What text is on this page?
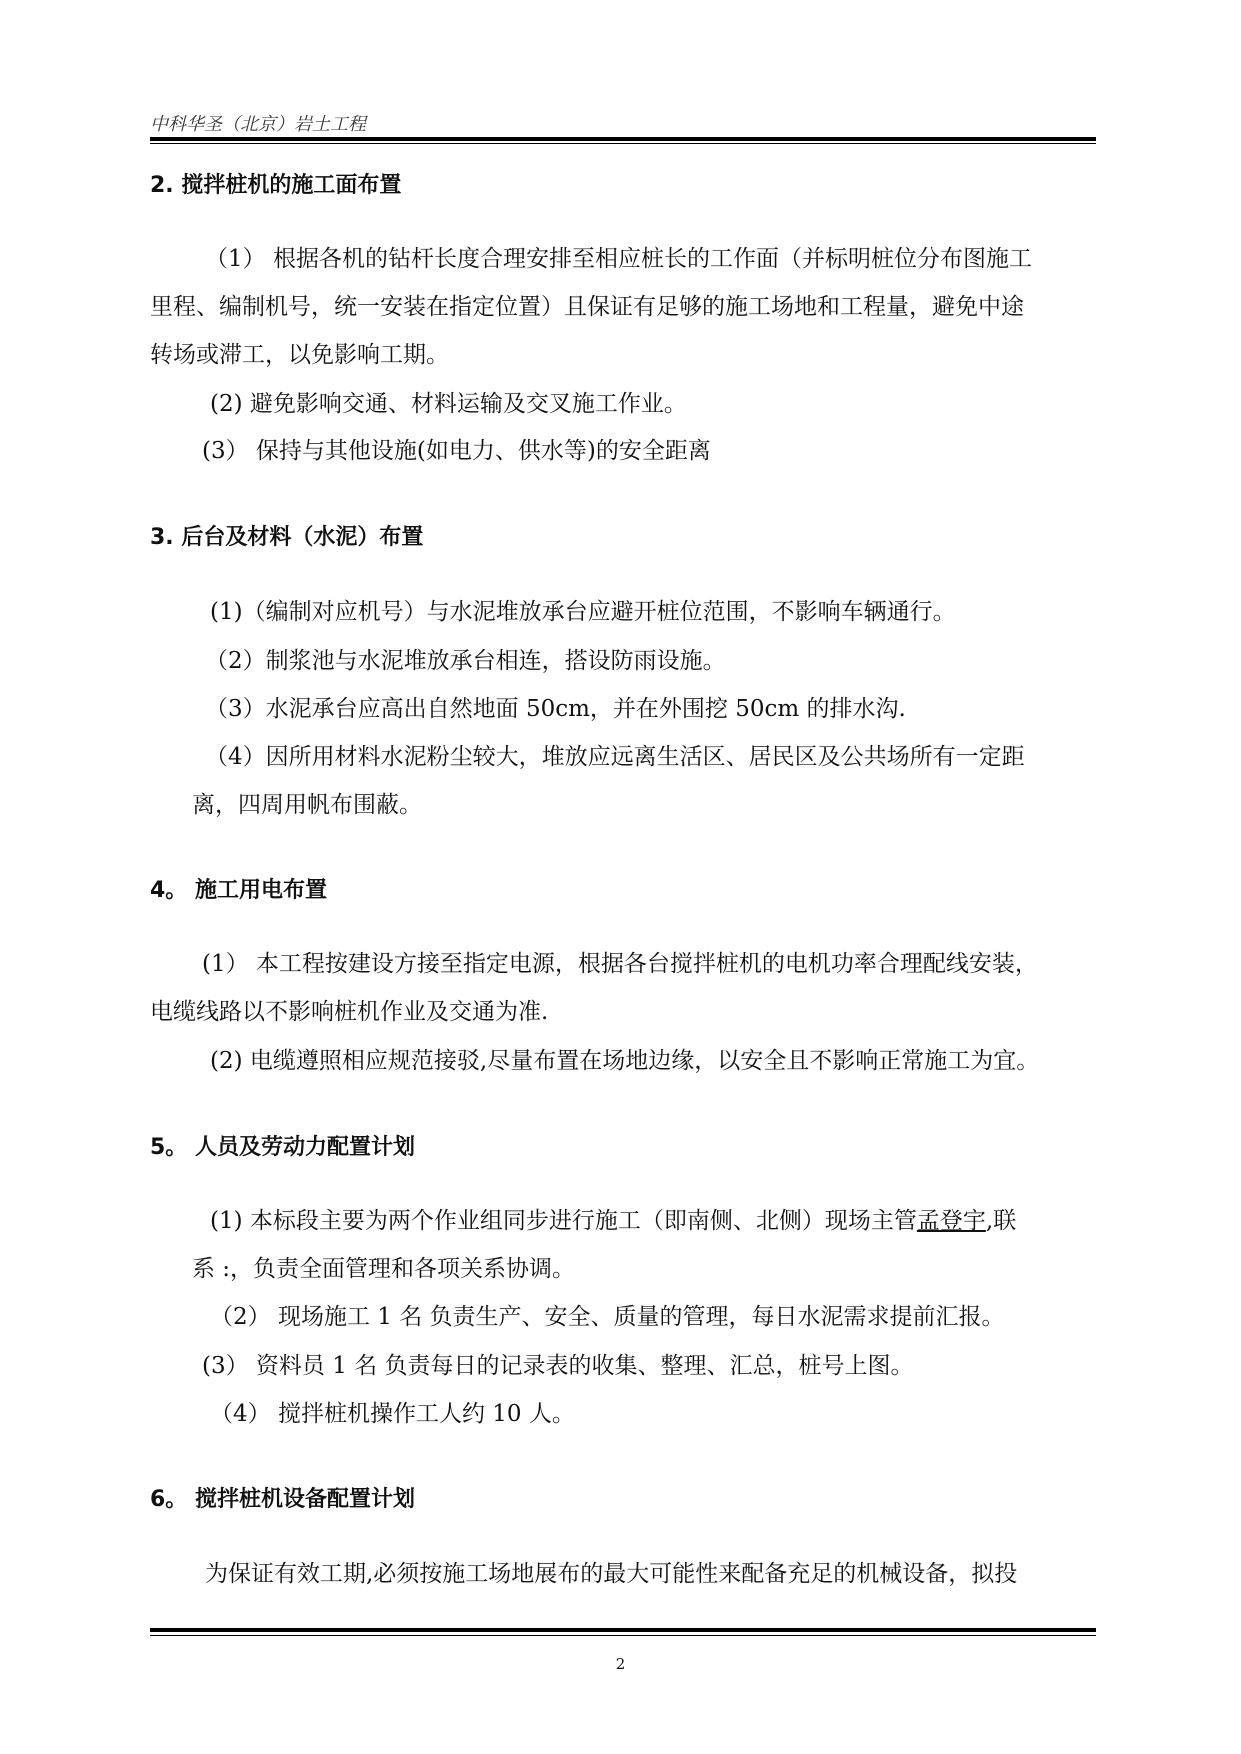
中科华圣（北京）岩土工程
2. 搅拌桩机的施工面布置
（1） 根据各机的钻杆长度合理安排至相应桩长的工作面（并标明桩位分布图施工
里程、编制机号，统一安装在指定位置）且保证有足够的施工场地和工程量，避免中途
转场或滞工，以免影响工期。
(2) 避免影响交通、材料运输及交叉施工作业。
(3） 保持与其他设施(如电力、供水等)的安全距离
3. 后台及材料（水泥）布置
(1)（编制对应机号）与水泥堆放承台应避开桩位范围，不影响车辆通行。
（2）制浆池与水泥堆放承台相连，搭设防雨设施。
（3）水泥承台应高出自然地面 50cm，并在外围挖 50cm 的排水沟.
（4）因所用材料水泥粉尘较大，堆放应远离生活区、居民区及公共场所有一定距
离，四周用帆布围蔽。
4。 施工用电布置
(1） 本工程按建设方接至指定电源，根据各台搅拌桩机的电机功率合理配线安装，
电缆线路以不影响桩机作业及交通为准.
(2) 电缆遵照相应规范接驳,尽量布置在场地边缘，以安全且不影响正常施工为宜。
5。 人员及劳动力配置计划
(1) 本标段主要为两个作业组同步进行施工（即南侧、北侧）现场主管孟登宇,联
系 :，负责全面管理和各项关系协调。
（2） 现场施工 1 名 负责生产、安全、质量的管理，每日水泥需求提前汇报。
(3） 资料员 1 名 负责每日的记录表的收集、整理、汇总，桩号上图。
（4） 搅拌桩机操作工人约 10 人。
6。 搅拌桩机设备配置计划
为保证有效工期,必须按施工场地展布的最大可能性来配备充足的机械设备，拟投
2
